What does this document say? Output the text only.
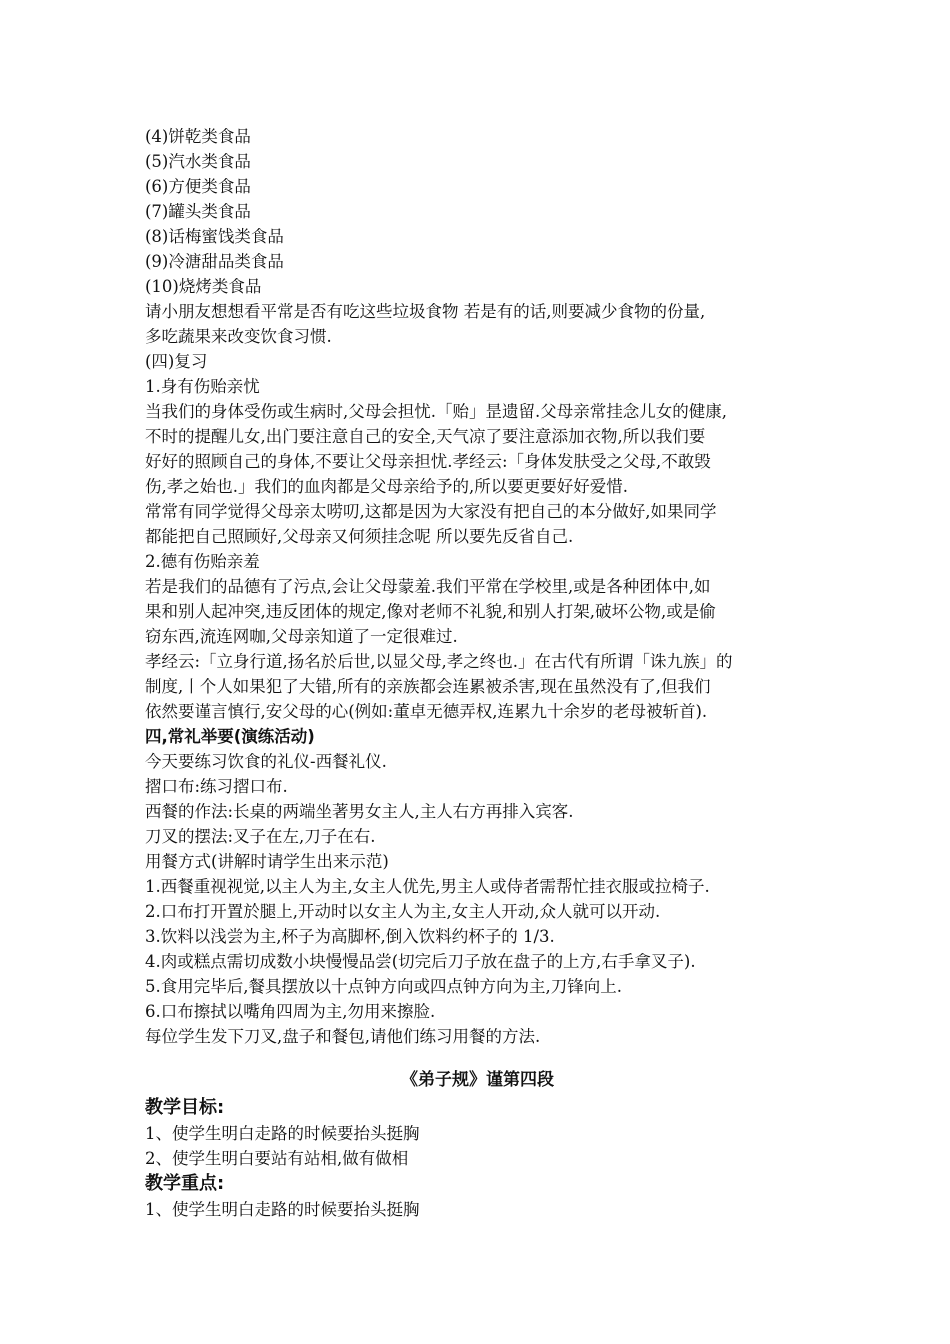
(4)饼乾类食品
(5)汽水类食品
(6)方便类食品
(7)罐头类食品
(8)话梅蜜饯类食品
(9)冷溏甜品类食品
(10)烧烤类食品
请小朋友想想看平常是否有吃这些垃圾食物 若是有的话,则要减少食物的份量,
多吃蔬果来改变饮食习惯.
(四)复习
1.身有伤贻亲忧
当我们的身体受伤或生病时,父母会担忧.「贻」昰遗留.父母亲常挂念儿女的健康,
不时的提醒儿女,出门要注意自己的安全,天气凉了要注意添加衣物,所以我们要
好好的照顾自己的身体,不要让父母亲担忧.孝经云:「身体发肤受之父母,不敢毁
伤,孝之始也.」我们的血肉都是父母亲给予的,所以要更要好好爱惜.
常常有同学觉得父母亲太唠叨,这都是因为大家没有把自己的本分做好,如果同学
都能把自己照顾好,父母亲又何须挂念呢 所以要先反省自己.
2.德有伤贻亲羞
若是我们的品德有了污点,会让父母蒙羞.我们平常在学校里,或是各种团体中,如
果和别人起冲突,违反团体的规定,像对老师不礼貌,和别人打架,破坏公物,或是偷
窃东西,流连网咖,父母亲知道了一定很难过.
孝经云:「立身行道,扬名於后世,以显父母,孝之终也.」在古代有所谓「诛九族」的
制度,丨个人如果犯了大错,所有的亲族都会连累被杀害,现在虽然没有了,但我们
依然要谨言慎行,安父母的心(例如:董卓无德弄权,连累九十余岁的老母被斩首).
四,常礼举要(演练活动)
今天要练习饮食的礼仪-西餐礼仪.
摺口布:练习摺口布.
西餐的作法:长桌的两端坐著男女主人,主人右方再排入宾客.
刀叉的摆法:叉子在左,刀子在右.
用餐方式(讲解时请学生出来示范)
1.西餐重视视觉,以主人为主,女主人优先,男主人或侍者需帮忙挂衣服或拉椅子.
2.口布打开置於腿上,开动时以女主人为主,女主人开动,众人就可以开动.
3.饮料以浅尝为主,杯子为高脚杯,倒入饮料约杯子的 1/3.
4.肉或糕点需切成数小块慢慢品尝(切完后刀子放在盘子的上方,右手拿叉子).
5.食用完毕后,餐具摆放以十点钟方向或四点钟方向为主,刀锋向上.
6.口布擦拭以嘴角四周为主,勿用来擦脸.
每位学生发下刀叉,盘子和餐包,请他们练习用餐的方法.
《弟子规》谨第四段
教学目标:
1、使学生明白走路的时候要抬头挺胸
2、使学生明白要站有站相,做有做相
教学重点:
1、使学生明白走路的时候要抬头挺胸
